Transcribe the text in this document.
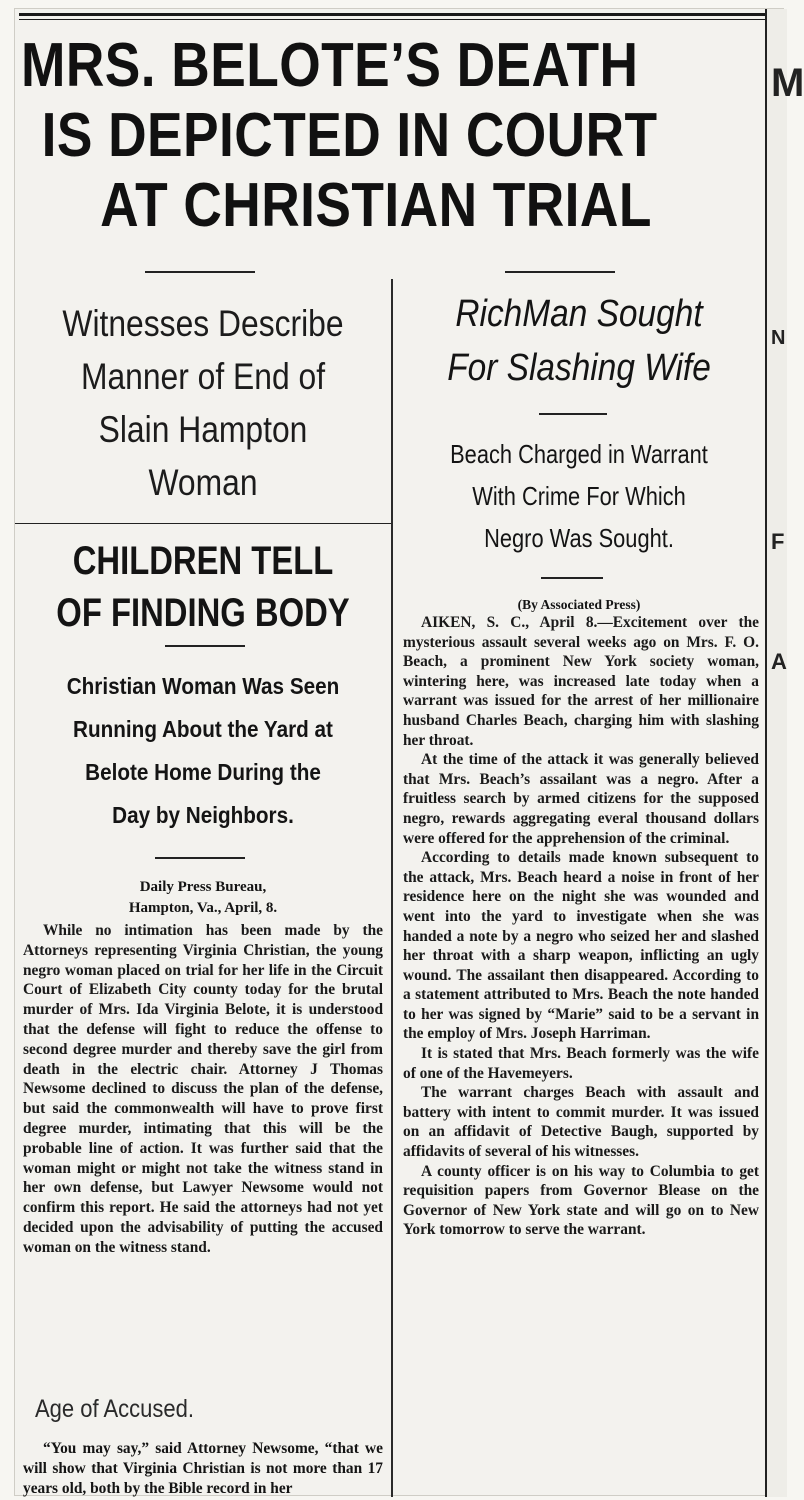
MRS. BELOTE’S DEATH
IS DEPICTED IN COURT
AT CHRISTIAN TRIAL
M
N
F
A
Witnesses Describe
Manner of End of
Slain Hampton
Woman
CHILDREN TELL
OF FINDING BODY
Christian Woman Was Seen
Running About the Yard at
Belote Home During the
Day by Neighbors.
Daily Press Bureau,
Hampton, Va., April, 8.

While no intimation has been made by the Attorneys representing Virginia Christian, the young negro woman placed on trial for her life in the Circuit Court of Elizabeth City county today for the brutal murder of Mrs. Ida Virginia Belote, it is understood that the defense will fight to reduce the offense to second degree murder and thereby save the girl from death in the electric chair. Attorney J Thomas Newsome declined to discuss the plan of the defense, but said the commonwealth will have to prove first degree murder, intimating that this will be the probable line of action. It was further said that the woman might or might not take the witness stand in her own defense, but Lawyer Newsome would not confirm this report. He said the attorneys had not yet decided upon the advisability of putting the accused woman on the witness stand.

Age of Accused.

“You may say,” said Attorney Newsome, “that we will show that Virginia Christian is not more than 17 years old, both by the Bible record in her

RichMan Sought
For Slashing Wife
Beach Charged in Warrant
With Crime For Which
Negro Was Sought.
(By Associated Press)

AIKEN, S. C., April 8.—Excitement over the mysterious assault several weeks ago on Mrs. F. O. Beach, a prominent New York society woman, wintering here, was increased late today when a warrant was issued for the arrest of her millionaire husband Charles Beach, charging him with slashing her throat.

At the time of the attack it was generally believed that Mrs. Beach’s assailant was a negro. After a fruitless search by armed citizens for the supposed negro, rewards aggregating everal thousand dollars were offered for the apprehension of the criminal.

According to details made known subsequent to the attack, Mrs. Beach heard a noise in front of her residence here on the night she was wounded and went into the yard to investigate when she was handed a note by a negro who seized her and slashed her throat with a sharp weapon, inflicting an ugly wound. The assailant then disappeared. According to a statement attributed to Mrs. Beach the note handed to her was signed by “Marie” said to be a servant in the employ of Mrs. Joseph Harriman.

It is stated that Mrs. Beach formerly was the wife of one of the Havemeyers.

The warrant charges Beach with assault and battery with intent to commit murder. It was issued on an affidavit of Detective Baugh, supported by affidavits of several of his witnesses.

A county officer is on his way to Columbia to get requisition papers from Governor Blease on the Governor of New York state and will go on to New York tomorrow to serve the warrant.
